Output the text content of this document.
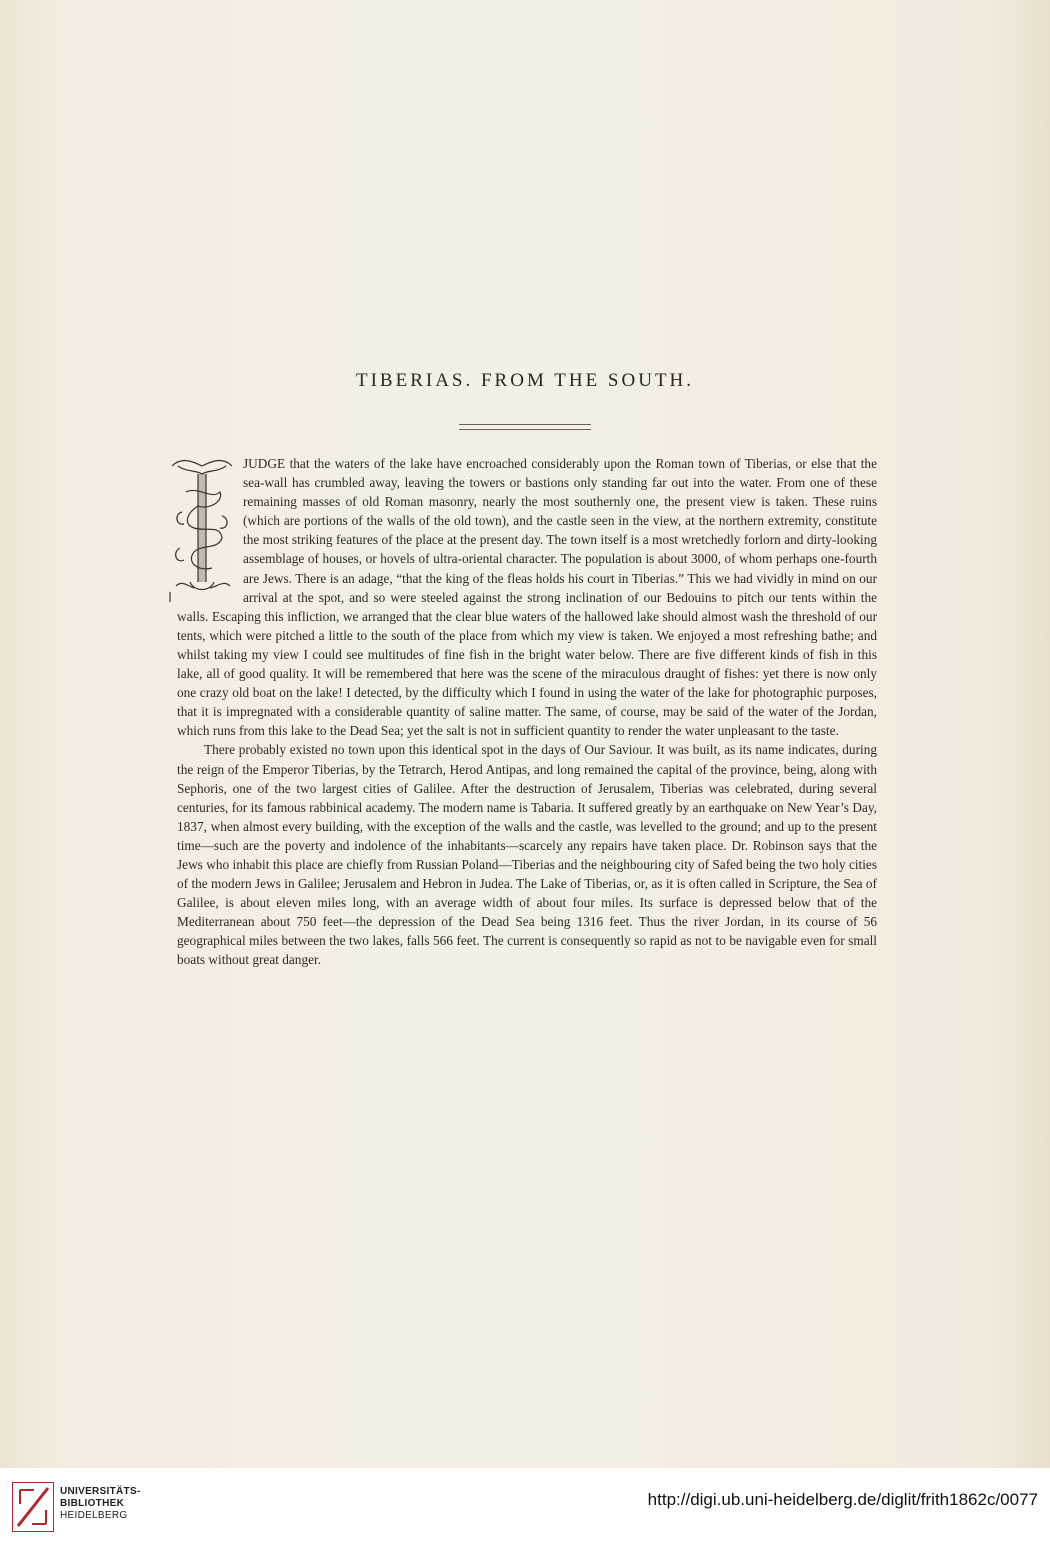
TIBERIAS. FROM THE SOUTH.

JUDGE that the waters of the lake have encroached considerably upon the Roman town of Tiberias, or else that the sea-wall has crumbled away, leaving the towers or bastions only standing far out into the water. From one of these remaining masses of old Roman masonry, nearly the most southernly one, the present view is taken. These ruins (which are portions of the walls of the old town), and the castle seen in the view, at the northern extremity, constitute the most striking features of the place at the present day. The town itself is a most wretchedly forlorn and dirty-looking assemblage of houses, or hovels of ultra-oriental character. The population is about 3000, of whom perhaps one-fourth are Jews. There is an adage, “that the king of the fleas holds his court in Tiberias.” This we had vividly in mind on our arrival at the spot, and so were steeled against the strong inclination of our Bedouins to pitch our tents within the walls. Escaping this infliction, we arranged that the clear blue waters of the hallowed lake should almost wash the threshold of our tents, which were pitched a little to the south of the place from which my view is taken. We enjoyed a most refreshing bathe; and whilst taking my view I could see multitudes of fine fish in the bright water below. There are five different kinds of fish in this lake, all of good quality. It will be remembered that here was the scene of the miraculous draught of fishes: yet there is now only one crazy old boat on the lake! I detected, by the difficulty which I found in using the water of the lake for photographic purposes, that it is impregnated with a considerable quantity of saline matter. The same, of course, may be said of the water of the Jordan, which runs from this lake to the Dead Sea; yet the salt is not in sufficient quantity to render the water unpleasant to the taste.

There probably existed no town upon this identical spot in the days of Our Saviour. It was built, as its name indicates, during the reign of the Emperor Tiberias, by the Tetrarch, Herod Antipas, and long remained the capital of the province, being, along with Sephoris, one of the two largest cities of Galilee. After the destruction of Jerusalem, Tiberias was celebrated, during several centuries, for its famous rabbinical academy. The modern name is Tabaria. It suffered greatly by an earthquake on New Year’s Day, 1837, when almost every building, with the exception of the walls and the castle, was levelled to the ground; and up to the present time—such are the poverty and indolence of the inhabitants—scarcely any repairs have taken place. Dr. Robinson says that the Jews who inhabit this place are chiefly from Russian Poland—Tiberias and the neighbouring city of Safed being the two holy cities of the modern Jews in Galilee; Jerusalem and Hebron in Judea. The Lake of Tiberias, or, as it is often called in Scripture, the Sea of Galilee, is about eleven miles long, with an average width of about four miles. Its surface is depressed below that of the Mediterranean about 750 feet—the depression of the Dead Sea being 1316 feet. Thus the river Jordan, in its course of 56 geographical miles between the two lakes, falls 566 feet. The current is consequently so rapid as not to be navigable even for small boats without great danger.

UNIVERSITÄTS-
BIBLIOTHEK
HEIDELBERG
http://digi.ub.uni-heidelberg.de/diglit/frith1862c/0077
